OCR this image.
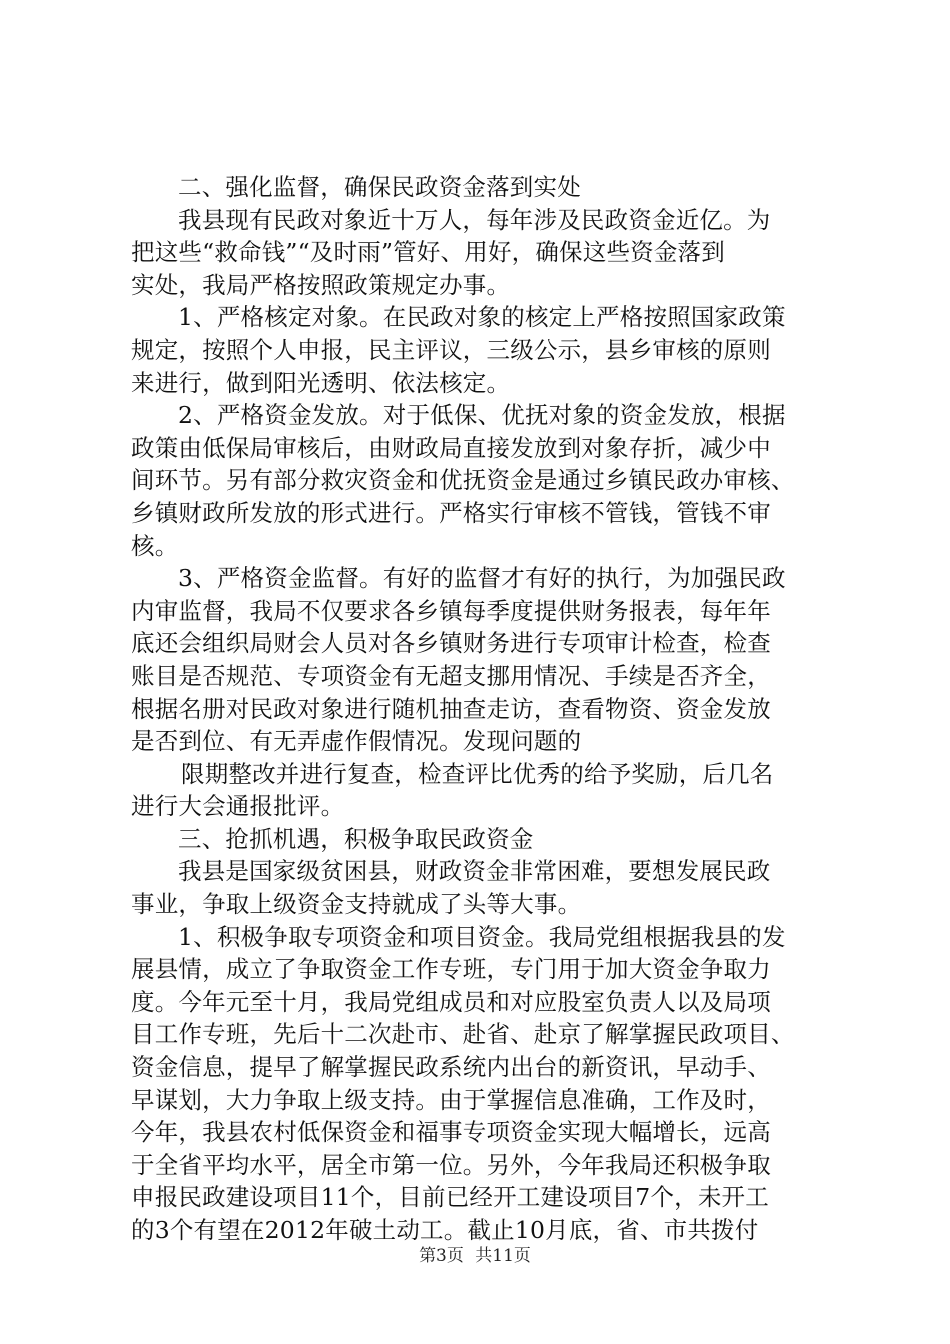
二、强化监督，确保民政资金落到实处
我县现有民政对象近十万人，每年涉及民政资金近亿。为
把这些“救命钱”“及时雨”管好、用好，确保这些资金落到
实处，我局严格按照政策规定办事。
1、严格核定对象。在民政对象的核定上严格按照国家政策
规定，按照个人申报，民主评议，三级公示，县乡审核的原则
来进行，做到阳光透明、依法核定。
2、严格资金发放。对于低保、优抚对象的资金发放，根据
政策由低保局审核后，由财政局直接发放到对象存折，减少中
间环节。另有部分救灾资金和优抚资金是通过乡镇民政办审核、
乡镇财政所发放的形式进行。严格实行审核不管钱，管钱不审
核。
3、严格资金监督。有好的监督才有好的执行，为加强民政
内审监督，我局不仅要求各乡镇每季度提供财务报表，每年年
底还会组织局财会人员对各乡镇财务进行专项审计检查，检查
账目是否规范、专项资金有无超支挪用情况、手续是否齐全，
根据名册对民政对象进行随机抽查走访，查看物资、资金发放
是否到位、有无弄虚作假情况。发现问题的
限期整改并进行复查，检查评比优秀的给予奖励，后几名
进行大会通报批评。
三、抢抓机遇，积极争取民政资金
我县是国家级贫困县，财政资金非常困难，要想发展民政
事业，争取上级资金支持就成了头等大事。
1、积极争取专项资金和项目资金。我局党组根据我县的发
展县情，成立了争取资金工作专班，专门用于加大资金争取力
度。今年元至十月，我局党组成员和对应股室负责人以及局项
目工作专班，先后十二次赴市、赴省、赴京了解掌握民政项目、
资金信息，提早了解掌握民政系统内出台的新资讯，早动手、
早谋划，大力争取上级支持。由于掌握信息准确，工作及时，
今年，我县农村低保资金和福事专项资金实现大幅增长，远高
于全省平均水平，居全市第一位。另外，今年我局还积极争取
申报民政建设项目11个，目前已经开工建设项目7个，未开工
的3个有望在2012年破土动工。截止10月底，省、市共拨付
第3页 共11页
